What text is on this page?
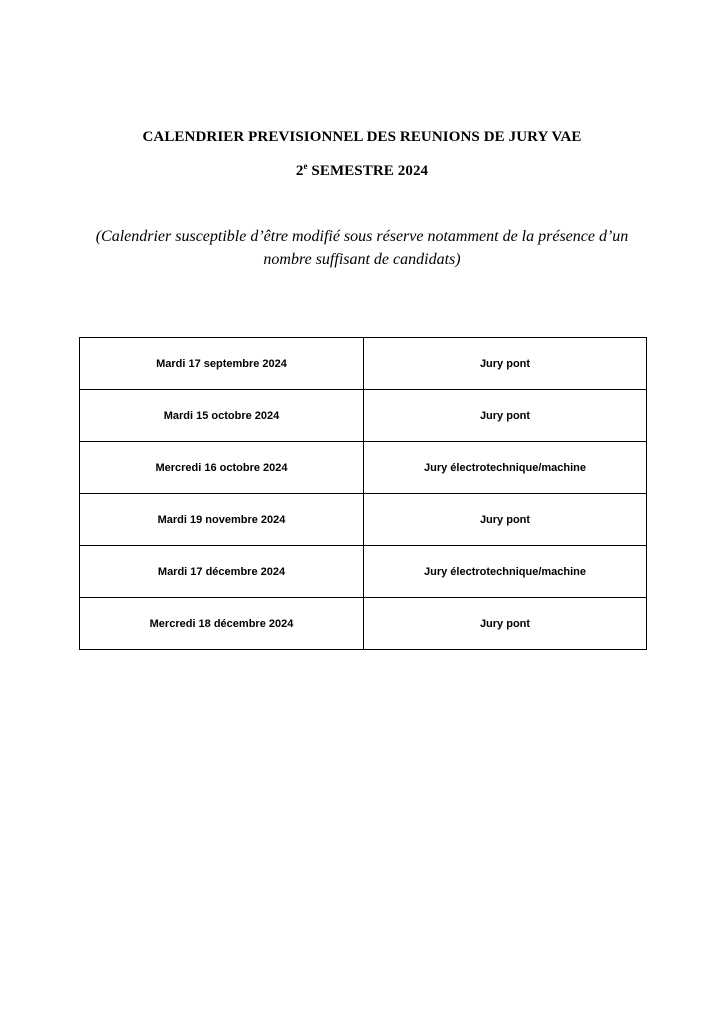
CALENDRIER PREVISIONNEL DES REUNIONS DE JURY VAE
2e SEMESTRE 2024
(Calendrier susceptible d’être modifié sous réserve notamment de la présence d’un nombre suffisant de candidats)
Mardi 17 septembre 2024	Jury pont
Mardi 15 octobre 2024	Jury pont
Mercredi 16 octobre 2024	Jury électrotechnique/machine
Mardi 19 novembre 2024	Jury pont
Mardi 17 décembre 2024	Jury électrotechnique/machine
Mercredi 18 décembre 2024	Jury pont
